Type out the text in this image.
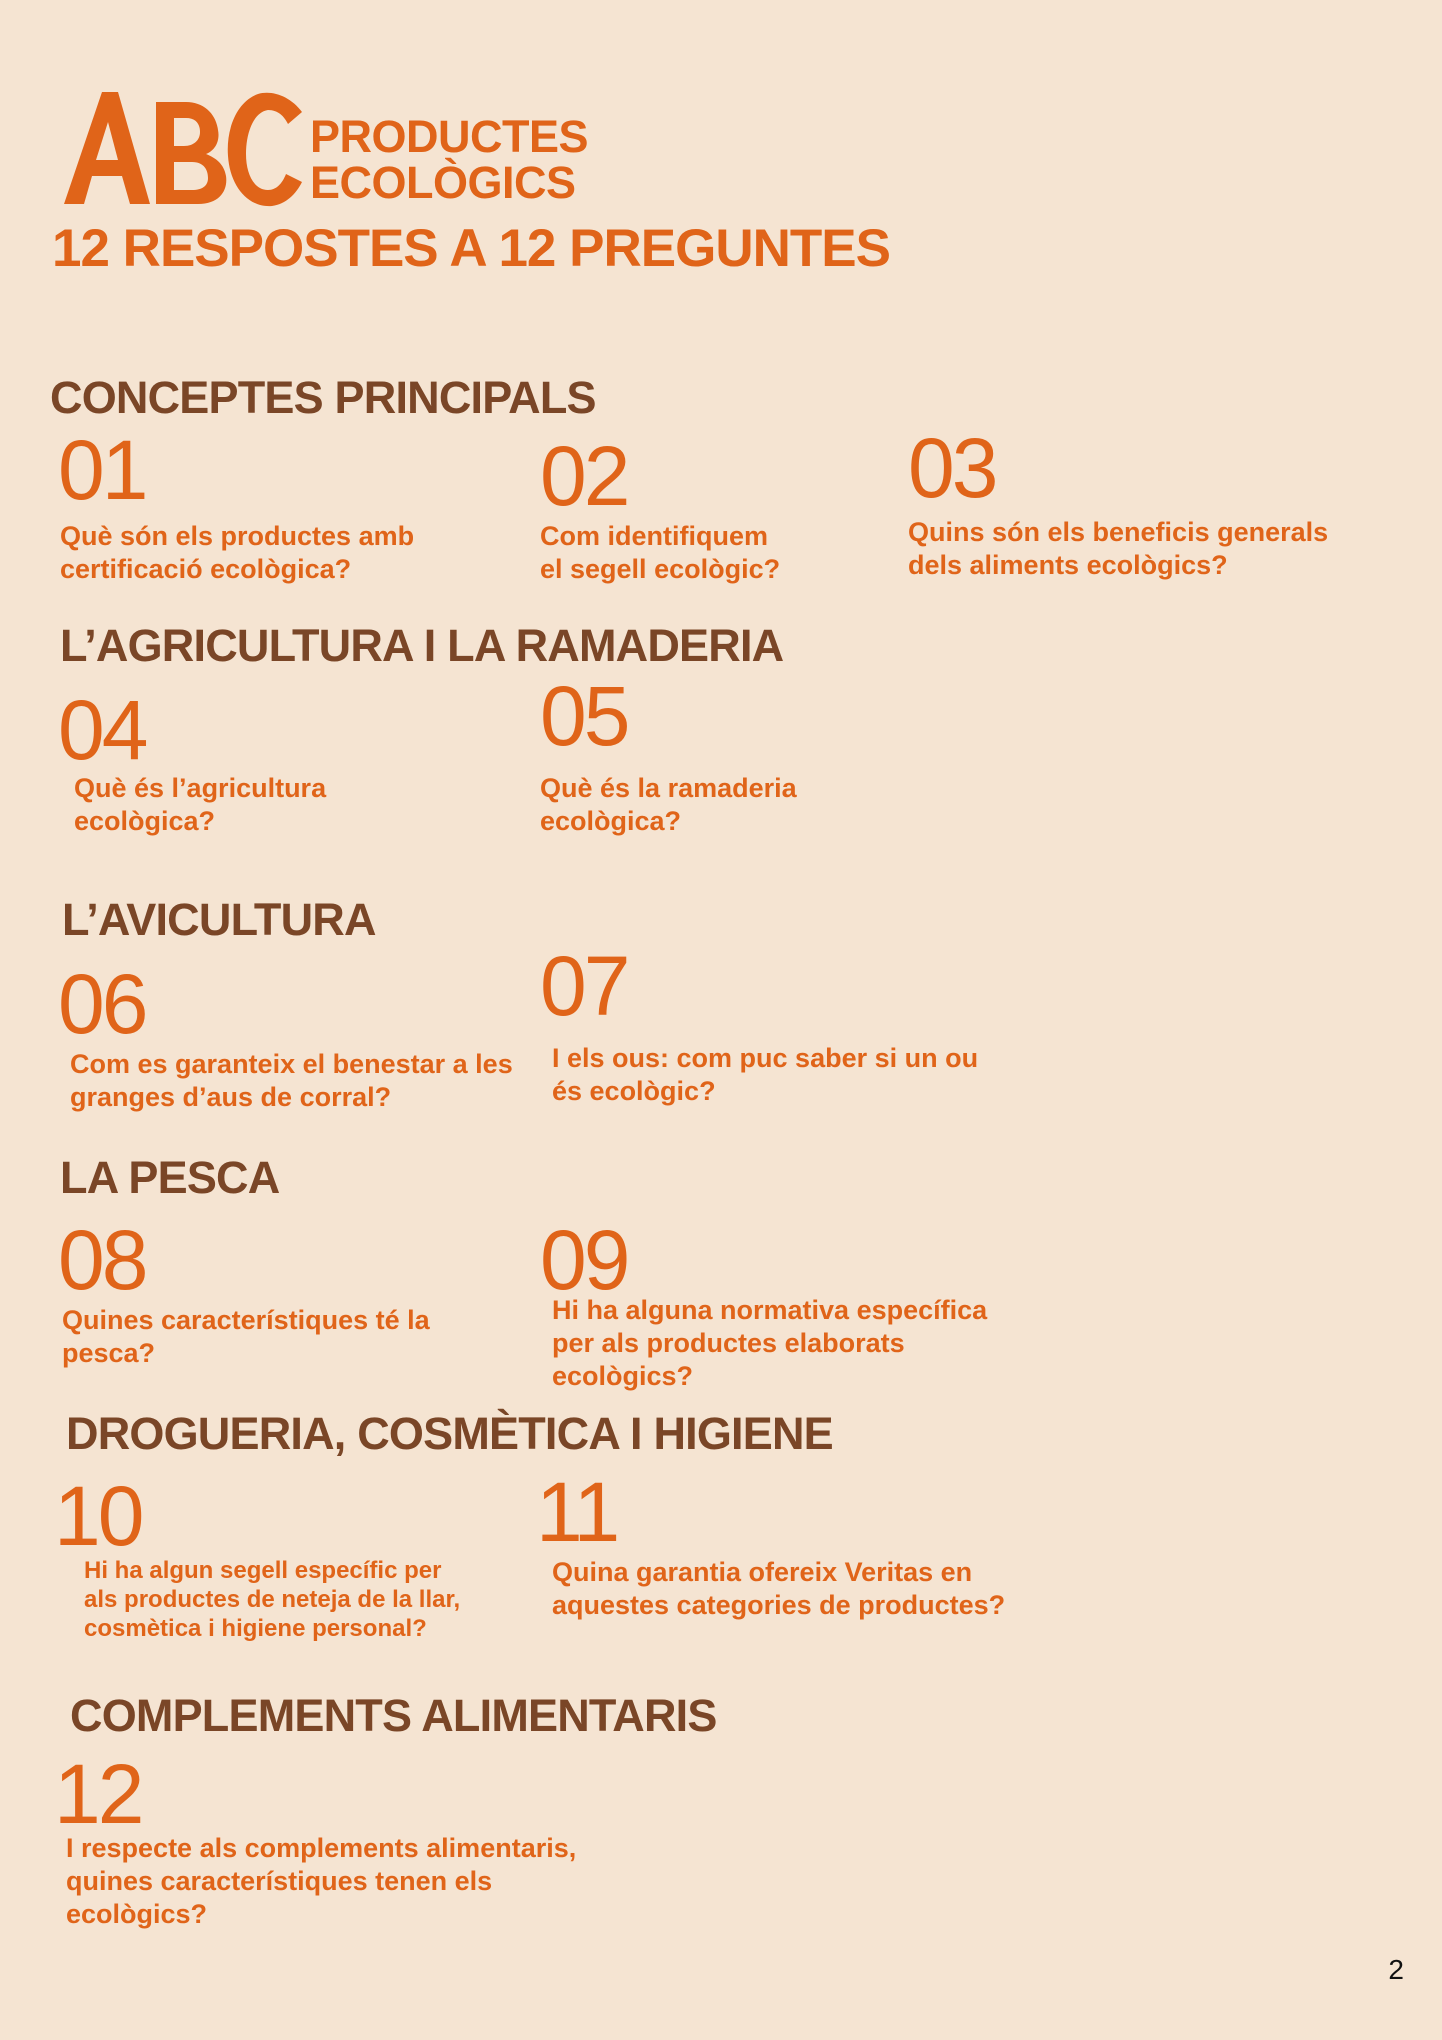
PRODUCTES
ECOLÒGICS
12 RESPOSTES A 12 PREGUNTES
CONCEPTES PRINCIPALS
L’AGRICULTURA I LA RAMADERIA
L’AVICULTURA
LA PESCA
DROGUERIA, COSMÈTICA I HIGIENE
COMPLEMENTS ALIMENTARIS
01
Què són els productes amb
certificació ecològica?
02
Com identifiquem
el segell ecològic?
03
Quins són els beneficis generals
dels aliments ecològics?
04
Què és l’agricultura
ecològica?
05
Què és la ramaderia
ecològica?
06
Com es garanteix el benestar a les
granges d’aus de corral?
07
I els ous: com puc saber si un ou
és ecològic?
08
Quines característiques té la
pesca?
09
Hi ha alguna normativa específica
per als productes elaborats
ecològics?
10
Hi ha algun segell específic per
als productes de neteja de la llar,
cosmètica i higiene personal?
11
Quina garantia ofereix Veritas en
aquestes categories de productes?
12
I respecte als complements alimentaris,
quines característiques tenen els
ecològics?
2
